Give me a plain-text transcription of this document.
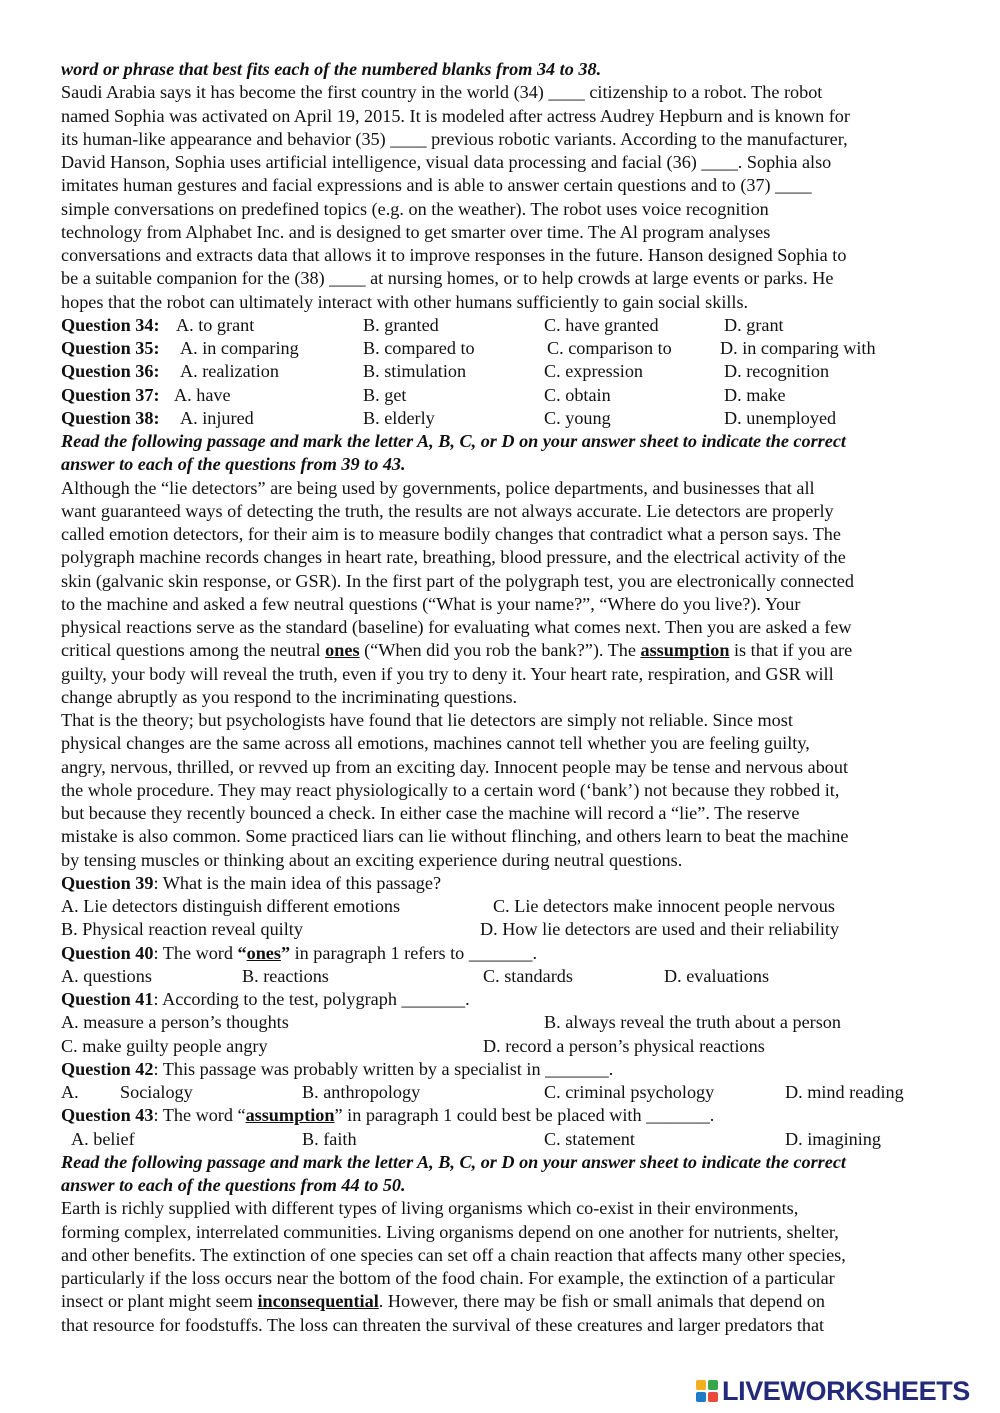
word or phrase that best fits each of the numbered blanks from 34 to 38.

Saudi Arabia says it has become the first country in the world (34) ____ citizenship to a robot. The robot

named Sophia was activated on April 19, 2015. It is modeled after actress Audrey Hepburn and is known for

its human-like appearance and behavior (35) ____ previous robotic variants. According to the manufacturer,

David Hanson, Sophia uses artificial intelligence, visual data processing and facial (36) ____. Sophia also

imitates human gestures and facial expressions and is able to answer certain questions and to (37) ____

simple conversations on predefined topics (e.g. on the weather). The robot uses voice recognition

technology from Alphabet Inc. and is designed to get smarter over time. The Al program analyses

conversations and extracts data that allows it to improve responses in the future. Hanson designed Sophia to

be a suitable companion for the (38) ____ at nursing homes, or to help crowds at large events or parks. He

hopes that the robot can ultimately interact with other humans sufficiently to gain social skills.

Question 34: A. to grant	B. granted	C. have granted	D. grant
Question 35: A. in comparing	B. compared to	C. comparison to	D. in comparing with
Question 36: A. realization	B. stimulation	C. expression	D. recognition
Question 37: A. have	B. get	C. obtain	D. make
Question 38: A. injured	B. elderly	C. young	D. unemployed

Read the following passage and mark the letter A, B, C, or D on your answer sheet to indicate the correct

answer to each of the questions from 39 to 43.

Although the “lie detectors” are being used by governments, police departments, and businesses that all

want guaranteed ways of detecting the truth, the results are not always accurate. Lie detectors are properly

called emotion detectors, for their aim is to measure bodily changes that contradict what a person says. The

polygraph machine records changes in heart rate, breathing, blood pressure, and the electrical activity of the

skin (galvanic skin response, or GSR). In the first part of the polygraph test, you are electronically connected

to the machine and asked a few neutral questions (“What is your name?”, “Where do you live?). Your

physical reactions serve as the standard (baseline) for evaluating what comes next. Then you are asked a few

critical questions among the neutral ones (“When did you rob the bank?”). The assumption is that if you are

guilty, your body will reveal the truth, even if you try to deny it. Your heart rate, respiration, and GSR will

change abruptly as you respond to the incriminating questions.

That is the theory; but psychologists have found that lie detectors are simply not reliable. Since most

physical changes are the same across all emotions, machines cannot tell whether you are feeling guilty,

angry, nervous, thrilled, or revved up from an exciting day. Innocent people may be tense and nervous about

the whole procedure. They may react physiologically to a certain word (‘bank’) not because they robbed it,

but because they recently bounced a check. In either case the machine will record a “lie”. The reserve

mistake is also common. Some practiced liars can lie without flinching, and others learn to beat the machine

by tensing muscles or thinking about an exciting experience during neutral questions.

Question 39: What is the main idea of this passage?

A. Lie detectors distinguish different emotions	C. Lie detectors make innocent people nervous
B. Physical reaction reveal quilty	D. How lie detectors are used and their reliability

Question 40: The word “ones” in paragraph 1 refers to _______.

A. questions	B. reactions	C. standards	D. evaluations

Question 41: According to the test, polygraph _______.

A. measure a person’s thoughts	B. always reveal the truth about a person
C. make guilty people angry	D. record a person’s physical reactions

Question 42: This passage was probably written by a specialist in _______.

A. Socialogy	B. anthropology	C. criminal psychology	D. mind reading

Question 43: The word “assumption” in paragraph 1 could best be placed with _______.

A. belief	B. faith	C. statement	D. imagining

Read the following passage and mark the letter A, B, C, or D on your answer sheet to indicate the correct

answer to each of the questions from 44 to 50.

Earth is richly supplied with different types of living organisms which co-exist in their environments,

forming complex, interrelated communities. Living organisms depend on one another for nutrients, shelter,

and other benefits. The extinction of one species can set off a chain reaction that affects many other species,

particularly if the loss occurs near the bottom of the food chain. For example, the extinction of a particular

insect or plant might seem inconsequential. However, there may be fish or small animals that depend on

that resource for foodstuffs. The loss can threaten the survival of these creatures and larger predators that

LIVEWORKSHEETS
